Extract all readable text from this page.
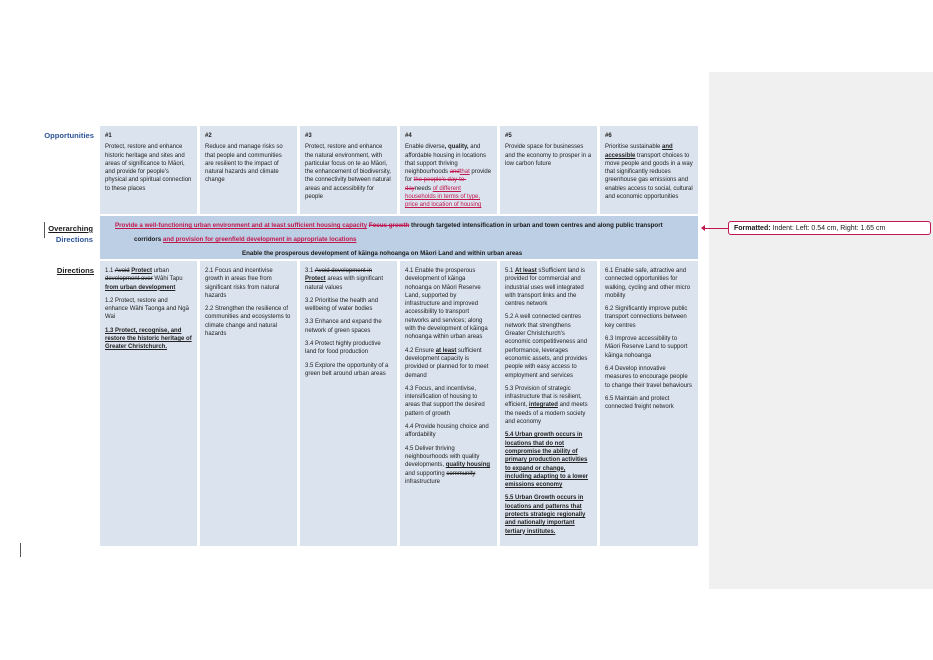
Opportunities
Overarching
Directions
Directions
#1
Protect, restore and enhance historic heritage and sites and areas of significance to Māori, and provide for people's physical and spiritual connection to these places
#2
Reduce and manage risks so that people and communities are resilient to the impact of natural hazards and climate change
#3
Protect, restore and enhance the natural environment, with particular focus on te ao Māori, the enhancement of biodiversity, the connectivity between natural areas and accessibility for people
#4
Enable diverse, quality, and affordable housing in locations that support thriving neighbourhoods andthat provide for the people's day-to-dayneeds of different households in terms of type, price and location of housing
#5
Provide space for businesses and the economy to prosper in a low carbon future
#6
Prioritise sustainable and accessible transport choices to move people and goods in a way that significantly reduces greenhouse gas emissions and enables access to social, cultural and economic opportunities
Provide a well-functioning urban environment and at least sufficient housing capacity Focus growth through targeted intensification in urban and town centres and along public transport
corridors and provision for greenfield development in appropriate locations
Enable the prosperous development of kāinga nohoanga on Māori Land and within urban areas
1.1 Avoid Protect urban development over Wāhi Tapu from urban development
1.2 Protect, restore and enhance Wāhi Taonga and Ngā Wai
1.3 Protect, recognise, and restore the historic heritage of Greater Christchurch.
2.1 Focus and incentivise growth in areas free from significant risks from natural hazards
2.2 Strengthen the resilience of communities and ecosystems to climate change and natural hazards
3.1 Avoid development in Protect areas with significant natural values
3.2 Prioritise the health and wellbeing of water bodies
3.3 Enhance and expand the network of green spaces
3.4 Protect highly productive land for food production
3.5 Explore the opportunity of a green belt around urban areas
4.1 Enable the prosperous development of kāinga nohoanga on Māori Reserve Land, supported by infrastructure and improved accessibility to transport networks and services; along with the development of kāinga nohoanga within urban areas
4.2 Ensure at least sufficient development capacity is provided or planned for to meet demand
4.3 Focus, and incentivise, intensification of housing to areas that support the desired pattern of growth
4.4 Provide housing choice and affordability
4.5 Deliver thriving neighbourhoods with quality developments, quality housing and supporting community infrastructure
5.1 At least sSufficient land is provided for commercial and industrial uses well integrated with transport links and the centres network
5.2 A well connected centres network that strengthens Greater Christchurch's economic competitiveness and performance, leverages economic assets, and provides people with easy access to employment and services
5.3 Provision of strategic infrastructure that is resilient, efficient, integrated and meets the needs of a modern society and economy
5.4 Urban growth occurs in locations that do not compromise the ability of primary production activities to expand or change, including adapting to a lower emissions economy
5.5 Urban Growth occurs in locations and patterns that protects strategic regionally and nationally important tertiary institutes.
6.1 Enable safe, attractive and connected opportunities for walking, cycling and other micro mobility
6.2 Significantly improve public transport connections between key centres
6.3 Improve accessibility to Māori Reserve Land to support kāinga nohoanga
6.4 Develop innovative measures to encourage people to change their travel behaviours
6.5 Maintain and protect connected freight network
Formatted: Indent: Left: 0.54 cm, Right: 1.65 cm
